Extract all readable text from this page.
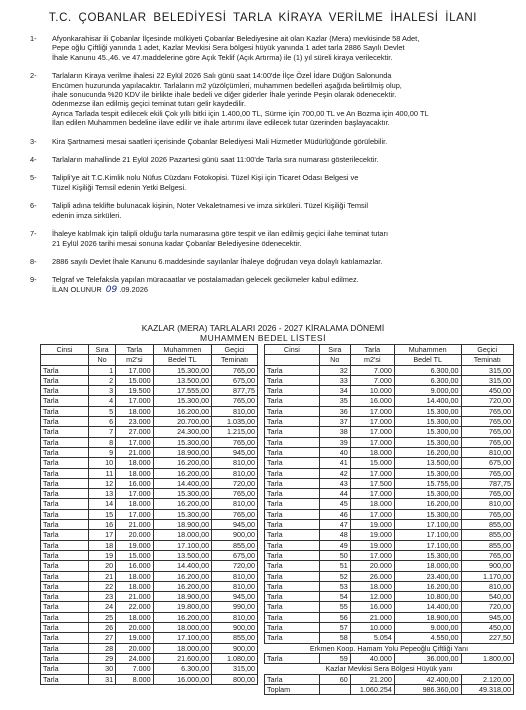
T.C. ÇOBANLAR BELEDİYESİ TARLA KİRAYA VERİLME İHALESİ İLANI
1-	Afyonkarahisar ili Çobanlar İlçesinde mülkiyeti Çobanlar Belediyesine ait olan Kazlar (Mera) mevkisinde 58 Adet,
Pepe oğlu Çiftliği yanında 1 adet, Kazlar Mevkisi Sera bölgesi hüyük yanında 1 adet tarla 2886 Sayılı Devlet
İhale Kanunu 45.,46. ve 47.maddelerine göre Açık Teklif (Açık Artırma) ile (1) yıl süreli kiraya verilecektir.

2-	Tarlaların Kiraya verilme ihalesi 22 Eylül 2026 Salı günü saat 14:00'de İlçe Özel İdare Düğün Salonunda
Encümen huzurunda yapılacaktır. Tarlaların m2 yüzölçümleri, muhammen bedelleri aşağıda belirtilmiş olup,
ihale sonucunda %20 KDV ile birlikte ihale bedeli ve diğer giderler İhale yerinde Peşin olarak ödenecektir.
ödenmezse ilan edilmiş geçici teminat tutarı gelir kaydedilir.
Ayrıca Tarlada tespit edilecek ekili Çok yıllı bitki için 1.400,00 TL, Sürme için 700,00 TL ve An Bozma için 400,00 TL
İlan edilen Muhammen bedeline ilave edilir ve ihale artırımı ilave edilecek tutar üzerinden başlayacaktır.

3-	Kira Şartnamesi mesai saatleri içerisinde Çobanlar Belediyesi Mali Hizmetler Müdürlüğünde görülebilir.

4-	Tarlaların mahallinde 21 Eylül 2026 Pazartesi günü saat 11:00'de Tarla sıra numarası gösterilecektir.

5-	Talipli'ye ait T.C.Kimlik nolu Nüfus Cüzdanı Fotokopisi. Tüzel Kişi için Ticaret Odası Belgesi ve
Tüzel Kişiliği Temsil edenin Yetki Belgesi.

6-	Talipli adına teklifte bulunacak kişinin, Noter Vekaletnamesi ve imza sirküleri. Tüzel Kişiliği Temsil
edenin imza sirküleri.

7-	İhaleye katılmak için talipli olduğu tarla numarasına göre tespit ve ilan edilmiş geçici ilahe teminat tutarı
21 Eylül 2026 tarihi mesai sonuna kadar Çobanlar Belediyesine ödenecektir.

8-	2886 sayılı Devlet İhale Kanunu 6.maddesinde sayılanlar İhaleye doğrudan veya dolaylı katılamazlar.

9-	Telgraf ve Telefaksla yapılan müracaatlar ve postalamadan gelecek gecikmeler kabul edilmez.

İLAN OLUNUR 09 .09.2026

KAZLAR (MERA) TARLALARI 2026 - 2027 KİRALAMA DÖNEMİ
MUHAMMEN BEDEL LİSTESİ
Cinsi	Sıra	Tarla	Muhammen	Geçici
	No	m2'si	Bedel TL	Teminatı
Tarla	1	17.000	15.300,00	765,00
Tarla	2	15.000	13.500,00	675,00
Tarla	3	19.500	17.555,00	877,75
Tarla	4	17.000	15.300,00	765,00
Tarla	5	18.000	16.200,00	810,00
Tarla	6	23.000	20.700,00	1.035,00
Tarla	7	27.000	24.300,00	1.215,00
Tarla	8	17.000	15.300,00	765,00
Tarla	9	21.000	18.900,00	945,00
Tarla	10	18.000	16.200,00	810,00
Tarla	11	18.000	16.200,00	810,00
Tarla	12	16.000	14.400,00	720,00
Tarla	13	17.000	15.300,00	765,00
Tarla	14	18.000	16.200,00	810,00
Tarla	15	17.000	15.300,00	765,00
Tarla	16	21.000	18.900,00	945,00
Tarla	17	20.000	18.000,00	900,00
Tarla	18	19.000	17.100,00	855,00
Tarla	19	15.000	13.500,00	675,00
Tarla	20	16.000	14.400,00	720,00
Tarla	21	18.000	16.200,00	810,00
Tarla	22	18.000	16.200,00	810,00
Tarla	23	21.000	18.900,00	945,00
Tarla	24	22.000	19.800,00	990,00
Tarla	25	18.000	16.200,00	810,00
Tarla	26	20.000	18.000,00	900,00
Tarla	27	19.000	17.100,00	855,00
Tarla	28	20.000	18.000,00	900,00
Tarla	29	24.000	21.600,00	1.080,00
Tarla	30	7.000	6.300,00	315,00
Tarla	31	8.000	16.000,00	800,00
Cinsi	Sıra	Tarla	Muhammen	Geçici
	No	m2'si	Bedel TL	Teminatı
Tarla	32	7.000	6.300,00	315,00
Tarla	33	7.000	6.300,00	315,00
Tarla	34	10.000	9.000,00	450,00
Tarla	35	16.000	14.400,00	720,00
Tarla	36	17.000	15.300,00	765,00
Tarla	37	17.000	15.300,00	765,00
Tarla	38	17.000	15.300,00	765,00
Tarla	39	17.000	15.300,00	765,00
Tarla	40	18.000	16.200,00	810,00
Tarla	41	15.000	13.500,00	675,00
Tarla	42	17.000	15.300,00	765,00
Tarla	43	17.500	15.755,00	787,75
Tarla	44	17.000	15.300,00	765,00
Tarla	45	18.000	16.200,00	810,00
Tarla	46	17.000	15.300,00	765,00
Tarla	47	19.000	17.100,00	855,00
Tarla	48	19.000	17.100,00	855,00
Tarla	49	19.000	17.100,00	855,00
Tarla	50	17.000	15.300,00	765,00
Tarla	51	20.000	18.000,00	900,00
Tarla	52	26.000	23.400,00	1.170,00
Tarla	53	18.000	16.200,00	810,00
Tarla	54	12.000	10.800,00	540,00
Tarla	55	16.000	14.400,00	720,00
Tarla	56	21.000	18.900,00	945,00
Tarla	57	10.000	9.000,00	450,00
Tarla	58	5.054	4.550,00	227,50
Erkmen Koop. Hamam Yolu Pepeoğlu Çiftliği Yanı				
Tarla	59	40.000	36.000,00	1.800,00
Kazlar Mevkisi Sera Bölgesi Hüyük yanı				
Tarla	60	21.200	42.400,00	2.120,00
Toplam		1.060.254	986.360,00	49.318,00
